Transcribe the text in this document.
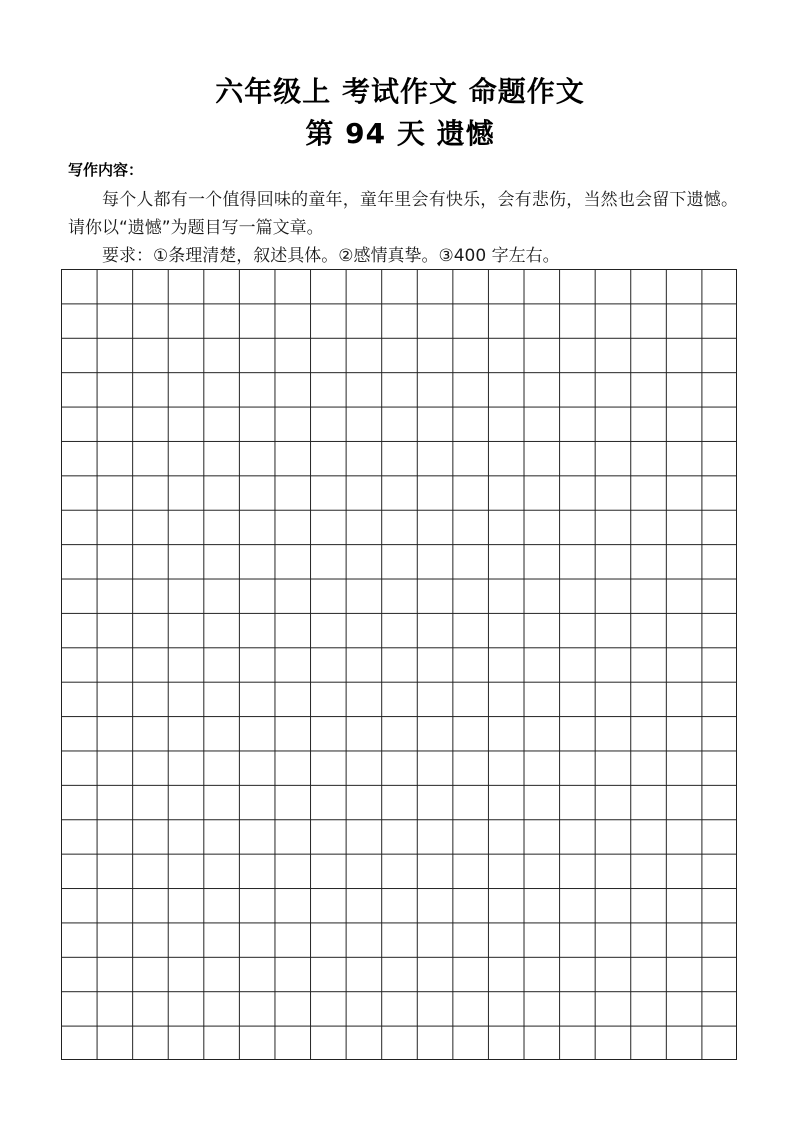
六年级上 考试作文 命题作文
第 94 天 遗憾
写作内容：

每个人都有一个值得回味的童年，童年里会有快乐，会有悲伤，当然也会留下遗憾。请你以“遗憾”为题目写一篇文章。

要求：①条理清楚，叙述具体。②感情真挚。③400 字左右。
